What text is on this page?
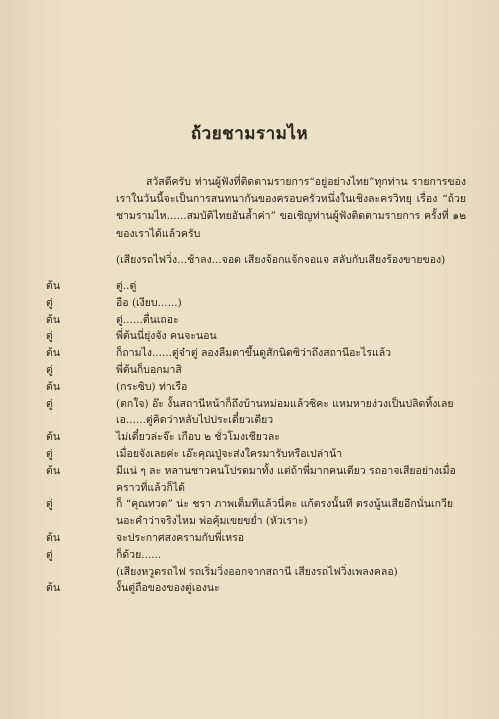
ถ้วยชามรามไห

สวัสดีครับ ท่านผู้ฟังที่ติดตามรายการ“อยู่อย่างไทย”ทุกท่าน รายการของเราในวันนี้จะเป็นการสนทนากันของครอบครัวหนึ่งในเชิงละครวิทยุ เรื่อง “ถ้วยชามรามไห......สมบัติไทยอันล้ำค่า” ขอเชิญท่านผู้ฟังติดตามรายการ ครั้งที่ ๑๒ ของเราได้แล้วครับ

(เสียงรถไฟวิ่ง...ช้าลง...จอด เสียงจ้อกแจ้กจอแจ สลับกับเสียงร้องขายของ)
ต้น	ตู่..ตู่
ตู่	อือ (เงียบ......)
ต้น	ตู่......ตื่นเถอะ
ตู่	พี่ต้นนี่ยุ่งจัง คนจะนอน
ต้น	ก็ถามไง......ตู่จ๋าตู่ ลองลืมตาขึ้นดูสักนิดซิว่าถึงสถานีอะไรแล้ว
ตู่	พี่ต้นก็บอกมาสิ
ต้น	(กระซิบ) ท่าเรือ
ตู่	(ตกใจ) อ๊ะ งั้นสถานีหน้าก็ถึงบ้านหม่อมแล้วซิคะ แหมหายง่วงเป็นปลิดทิ้งเลย เอ......ตู่คิดว่าหลับไปประเดี๋ยวเดียว
ต้น	ไม่เดี๋ยวล่ะจ๊ะ เกือบ ๒ ชั่วโมงเชียวละ
ตู่	เมื่อยจังเลยค่ะ เอ๊ะคุณปู่จะส่งใครมารับหรือเปล่าน้า
ต้น	มีแน่ ๆ ละ หลานชาวคนโปรดมาทั้ง แต่ถ้าพี่มากคนเดียว รถอาจเสียอย่างเมื่อคราวที่แล้วก็ได้
ตู่	ก็ “คุณทวด” น่ะ ชรา ภาพเต็มทีแล้วนี่คะ แก้ตรงนั้นที ตรงนู้นเสียอีกนั่นเกวียนอะคำว่าจริงไหม พ่อคุ้มเขยขย่ำ (หัวเราะ)
ต้น	จะประกาศสงครามกับพี่เหรอ
ตู่	ก็ด้วย......
(เสียงหวูดรถไฟ รถเริ่มวิ่งออกจากสถานี เสียงรถไฟวิ่งเพลงคลอ)
ต้น	งั้นตู่ถือของของตู่เองนะ
